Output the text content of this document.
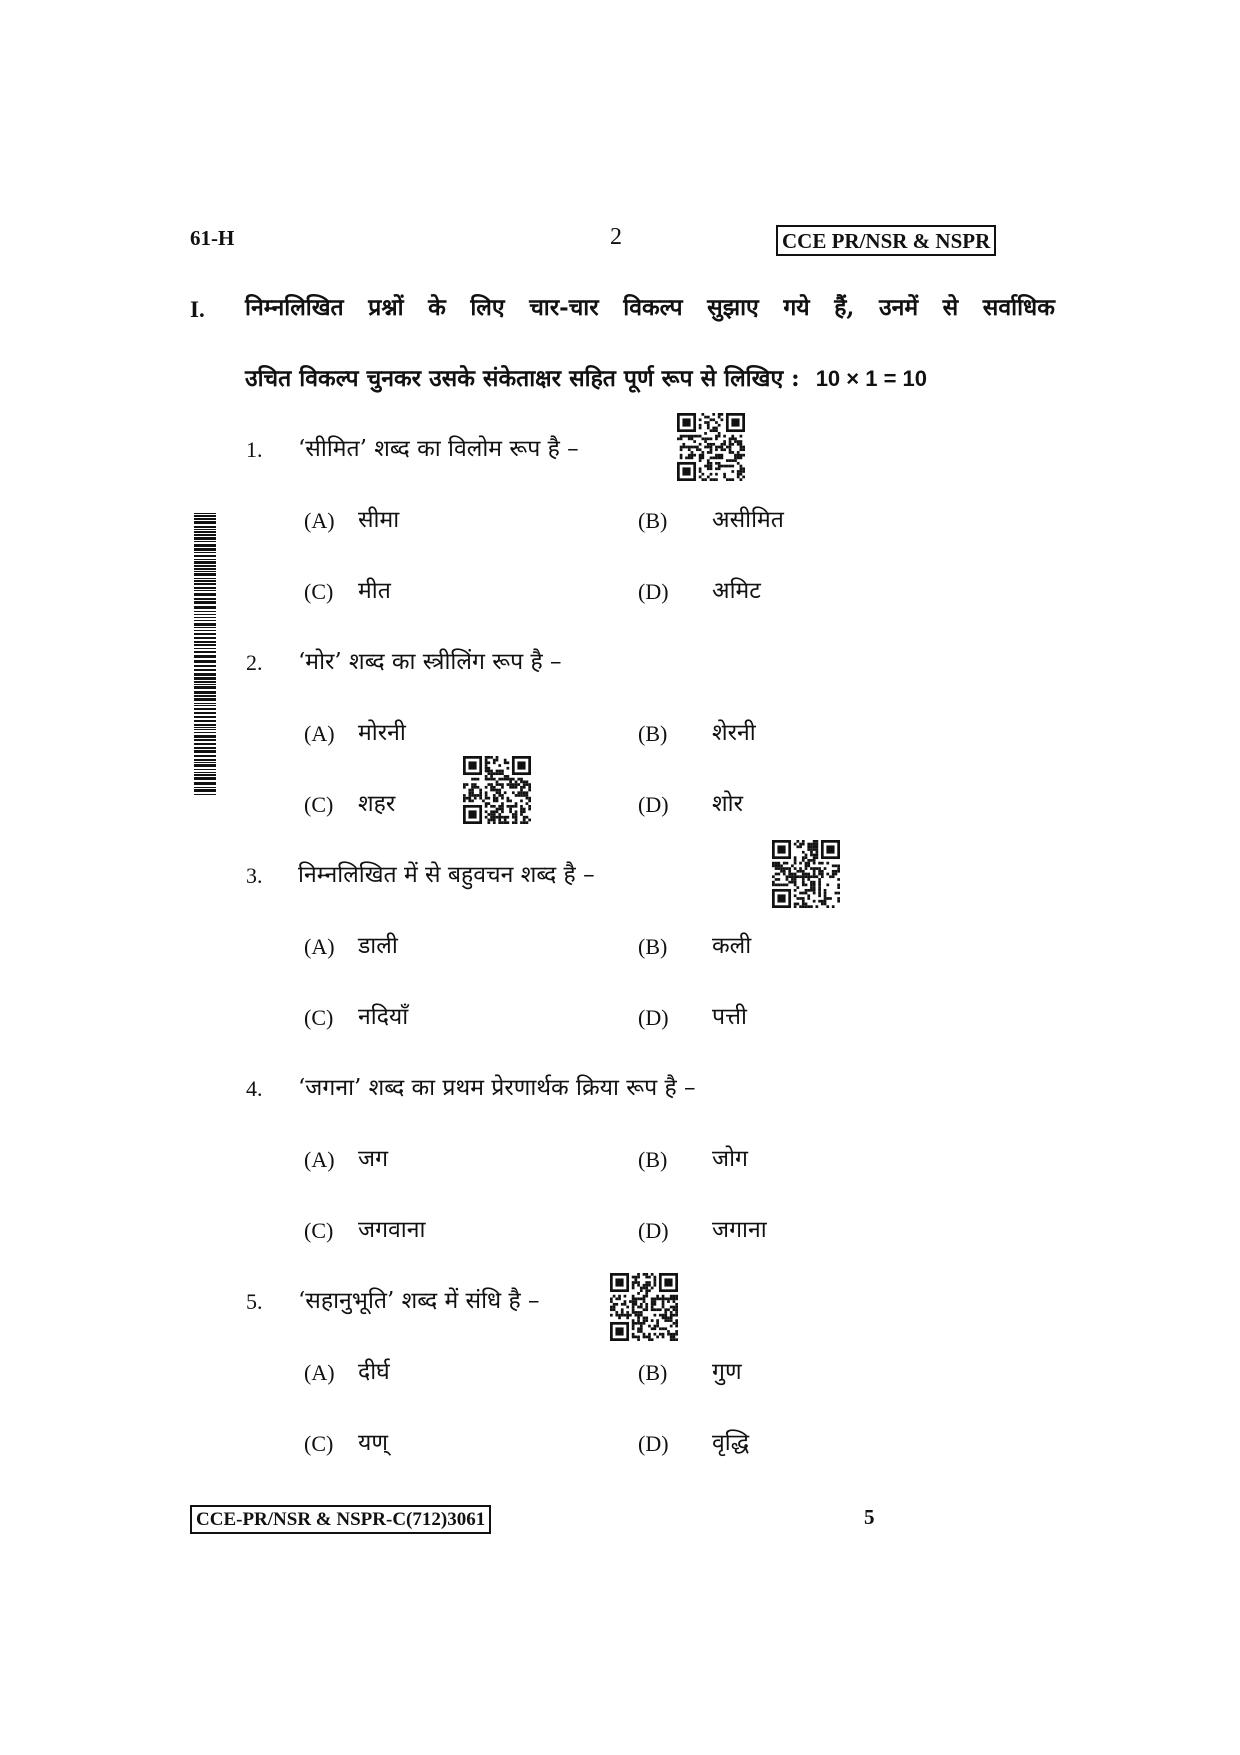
61-H	2	CCE PR/NSR & NSPR
I. निम्नलिखित प्रश्नों के लिए चार-चार विकल्प सुझाए गये हैं, उनमें से सर्वाधिक
उचित विकल्प चुनकर उसके संकेताक्षर सहित पूर्ण रूप से लिखिए : 10 × 1 = 10
1. ‘सीमित’ शब्द का विलोम रूप है –
(A) सीमा	(B) असीमित
(C) मीत	(D) अमिट
2. ‘मोर’ शब्द का स्त्रीलिंग रूप है –
(A) मोरनी	(B) शेरनी
(C) शहर	(D) शोर
3. निम्नलिखित में से बहुवचन शब्द है –
(A) डाली	(B) कली
(C) नदियाँ	(D) पत्ती
4. ‘जगना’ शब्द का प्रथम प्रेरणार्थक क्रिया रूप है –
(A) जग	(B) जोग
(C) जगवाना	(D) जगाना
5. ‘सहानुभूति’ शब्द में संधि है –
(A) दीर्घ	(B) गुण
(C) यण्	(D) वृद्धि
CCE-PR/NSR & NSPR-C(712)3061	5
